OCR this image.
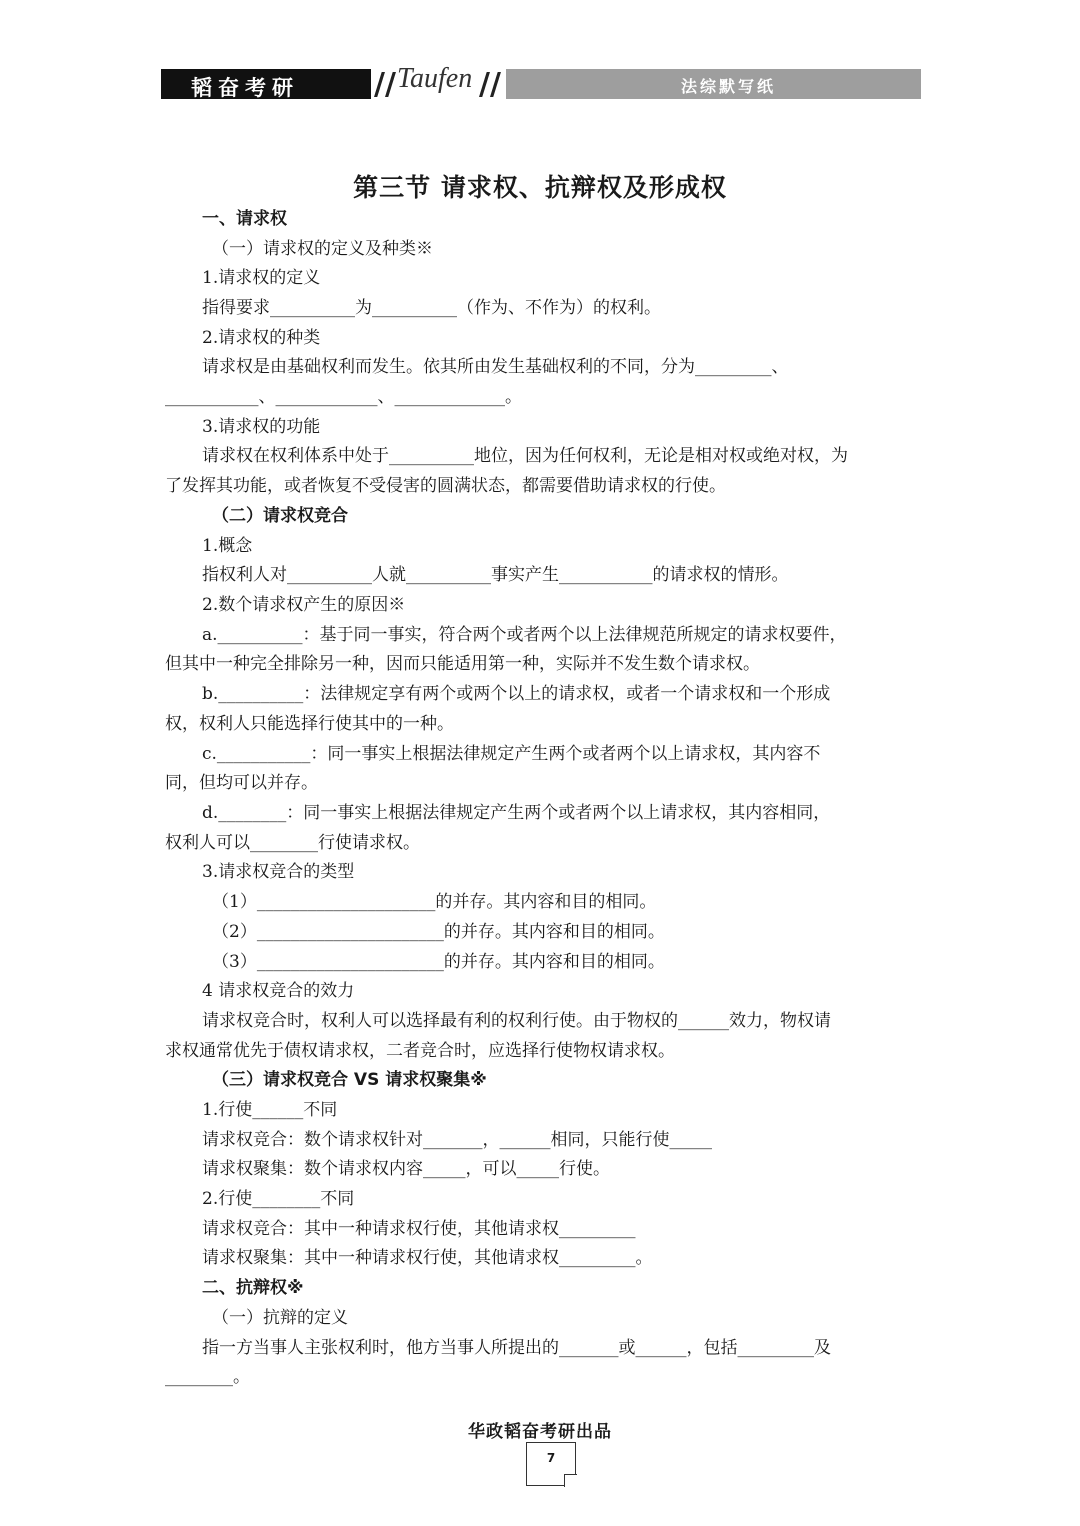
韬奋考研	// Taufen //	法综默写纸
第三节 请求权、抗辩权及形成权
一、请求权
（一）请求权的定义及种类※
1.请求权的定义
指得要求__________为__________（作为、不作为）的权利。
2.请求权的种类
请求权是由基础权利而发生。依其所由发生基础权利的不同，分为_________、
___________、____________、_____________。
3.请求权的功能
请求权在权利体系中处于__________地位，因为任何权利，无论是相对权或绝对权，为
了发挥其功能，或者恢复不受侵害的圆满状态，都需要借助请求权的行使。
（二）请求权竞合
1.概念
指权利人对__________人就__________事实产生___________的请求权的情形。
2.数个请求权产生的原因※
a.__________：基于同一事实，符合两个或者两个以上法律规范所规定的请求权要件，
但其中一种完全排除另一种，因而只能适用第一种，实际并不发生数个请求权。
b.__________：法律规定享有两个或两个以上的请求权，或者一个请求权和一个形成
权，权利人只能选择行使其中的一种。
c.___________：同一事实上根据法律规定产生两个或者两个以上请求权，其内容不
同，但均可以并存。
d.________：同一事实上根据法律规定产生两个或者两个以上请求权，其内容相同，
权利人可以________行使请求权。
3.请求权竞合的类型
（1）_____________________的并存。其内容和目的相同。
（2）______________________的并存。其内容和目的相同。
（3）______________________的并存。其内容和目的相同。
4 请求权竞合的效力
请求权竞合时，权利人可以选择最有利的权利行使。由于物权的______效力，物权请
求权通常优先于债权请求权，二者竞合时，应选择行使物权请求权。
（三）请求权竞合 VS 请求权聚集※
1.行使______不同
请求权竞合：数个请求权针对_______，______相同，只能行使_____
请求权聚集：数个请求权内容_____，可以_____行使。
2.行使________不同
请求权竞合：其中一种请求权行使，其他请求权_________
请求权聚集：其中一种请求权行使，其他请求权_________。
二、抗辩权※
（一）抗辩的定义
指一方当事人主张权利时，他方当事人所提出的_______或______，包括_________及
________。
华政韬奋考研出品
7
